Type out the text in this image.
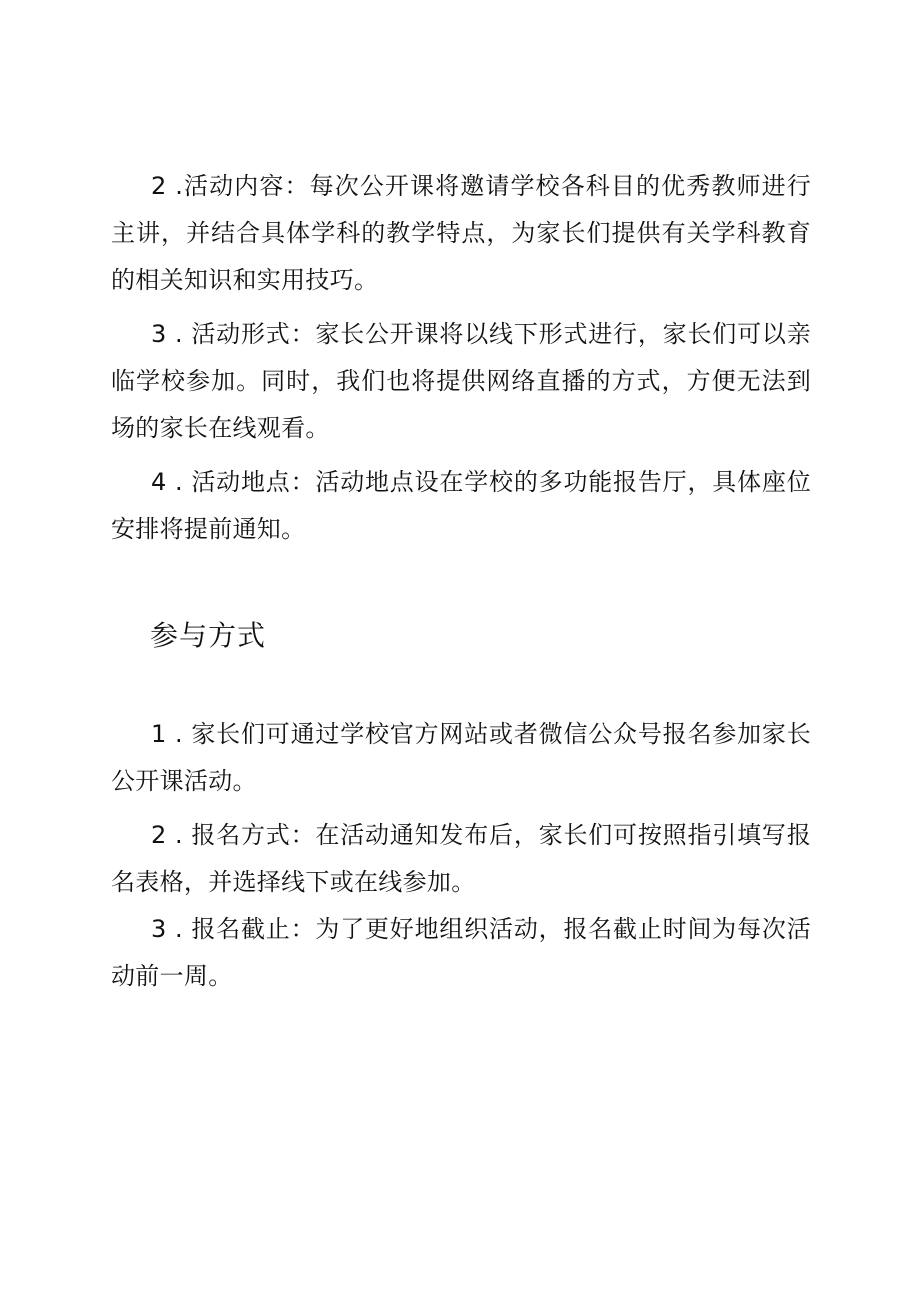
2 .活动内容：每次公开课将邀请学校各科目的优秀教师进行主讲，并结合具体学科的教学特点，为家长们提供有关学科教育的相关知识和实用技巧。

3 . 活动形式：家长公开课将以线下形式进行，家长们可以亲临学校参加。同时，我们也将提供网络直播的方式，方便无法到场的家长在线观看。

4 . 活动地点：活动地点设在学校的多功能报告厅，具体座位安排将提前通知。

参与方式

1 . 家长们可通过学校官方网站或者微信公众号报名参加家长公开课活动。

2 . 报名方式：在活动通知发布后，家长们可按照指引填写报名表格，并选择线下或在线参加。

3 . 报名截止：为了更好地组织活动，报名截止时间为每次活动前一周。
